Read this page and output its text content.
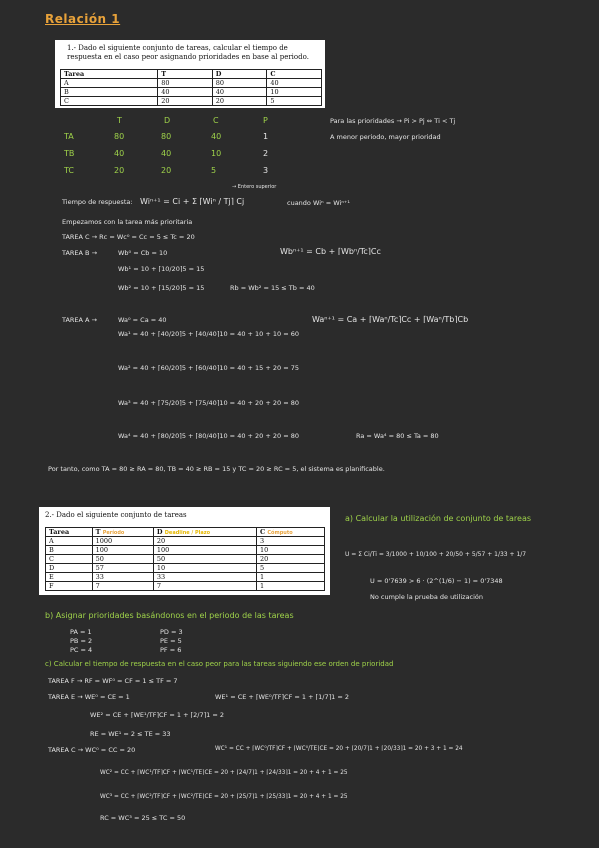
Relación 1
1.- Dado el siguiente conjunto de tareas, calcular el tiempo de respuesta en el caso peor asignando prioridades en base al periodo.
Tarea	T	D	C
A	80	80	40
B	40	40	10
C	20	20	5
T	D	C	P
TA	80	80	40	1
TB	40	40	10	2
TC	20	20	5	3
Para las prioridades → Pi > Pj ⇔ Ti < Tj
A menor periodo, mayor prioridad
Tiempo de respuesta: Wiⁿ⁺¹ = Ci + Σ ⌈Wiⁿ / Tj⌉ Cj
→ Entero superior
cuando Wiⁿ = Wiⁿ⁺¹
Empezamos con la tarea más prioritaria
TAREA C → Rc = Wc⁰ = Cc = 5 ≤ Tc = 20
TAREA B →	Wb⁰ = Cb = 10
Wb¹ = 10 + ⌈10/20⌉5 = 15
Wb² = 10 + ⌈15/20⌉5 = 15	Rb = Wb² = 15 ≤ Tb = 40
Wbⁿ⁺¹ = Cb + ⌈Wbⁿ/Tc⌉Cc
TAREA A →	Wa⁰ = Ca = 40
Wa¹ = 40 + ⌈40/20⌉5 + ⌈40/40⌉10 = 40 + 10 + 10 = 60
Wa² = 40 + ⌈60/20⌉5 + ⌈60/40⌉10 = 40 + 15 + 20 = 75
Wa³ = 40 + ⌈75/20⌉5 + ⌈75/40⌉10 = 40 + 20 + 20 = 80
Wa⁴ = 40 + ⌈80/20⌉5 + ⌈80/40⌉10 = 40 + 20 + 20 = 80
Waⁿ⁺¹ = Ca + ⌈Waⁿ/Tc⌉Cc + ⌈Waⁿ/Tb⌉Cb
Ra = Wa⁴ = 80 ≤ Ta = 80
Por tanto, como TA = 80 ≥ RA = 80, TB = 40 ≥ RB = 15 y TC = 20 ≥ RC = 5, el sistema es planificable.
2.- Dado el siguiente conjunto de tareas
Tarea	T Período	D Deadline / Plazo	C Cómputo
A	1000	20	3
B	100	100	10
C	50	50	20
D	57	10	5
E	33	33	1
F	7	7	1
a) Calcular la utilización de conjunto de tareas
U = Σ Ci/Ti = 3/1000 + 10/100 + 20/50 + 5/57 + 1/33 + 1/7
U = 0'7639 > 6 · (2^(1/6) − 1) = 0'7348
No cumple la prueba de utilización
b) Asignar prioridades basándonos en el periodo de las tareas
PA = 1
PB = 2
PC = 4
PD = 3
PE = 5
PF = 6
c) Calcular el tiempo de respuesta en el caso peor para las tareas siguiendo ese orden de prioridad
TAREA F → RF = WF⁰ = CF = 1 ≤ TF = 7
TAREA E → WE⁰ = CE = 1	WE¹ = CE + ⌈WE⁰/TF⌉CF = 1 + ⌈1/7⌉1 = 2
WE² = CE + ⌈WE¹/TF⌉CF = 1 + ⌈2/7⌉1 = 2
RE = WE¹ = 2 ≤ TE = 33
TAREA C → WC⁰ = CC = 20	WC¹ = CC + ⌈WC⁰/TF⌉CF + ⌈WC⁰/TE⌉CE = 20 + ⌈20/7⌉1 + ⌈20/33⌉1 = 20 + 3 + 1 = 24
WC² = CC + ⌈WC¹/TF⌉CF + ⌈WC¹/TE⌉CE = 20 + ⌈24/7⌉1 + ⌈24/33⌉1 = 20 + 4 + 1 = 25
WC³ = CC + ⌈WC²/TF⌉CF + ⌈WC²/TE⌉CE = 20 + ⌈25/7⌉1 + ⌈25/33⌉1 = 20 + 4 + 1 = 25
RC = WC³ = 25 ≤ TC = 50
